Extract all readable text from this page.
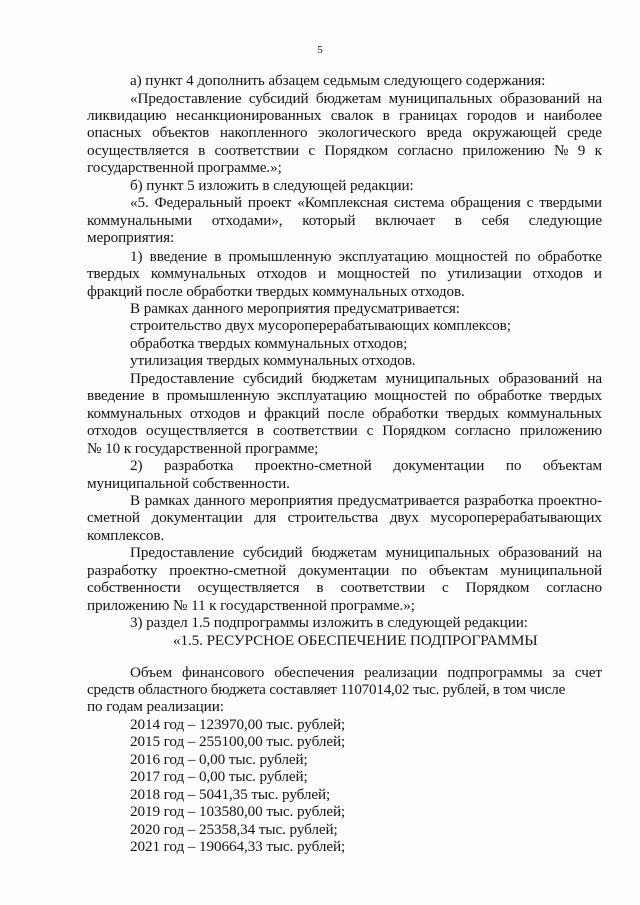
5
а) пункт 4 дополнить абзацем седьмым следующего содержания:
«Предоставление субсидий бюджетам муниципальных образований на
ликвидацию несанкционированных свалок в границах городов и наиболее
опасных объектов накопленного экологического вреда окружающей среде
осуществляется в соответствии с Порядком согласно приложению № 9 к
государственной программе.»;
б) пункт 5 изложить в следующей редакции:
«5. Федеральный проект «Комплексная система обращения с твердыми
коммунальными отходами», который включает в себя следующие
мероприятия:
1) введение в промышленную эксплуатацию мощностей по обработке
твердых коммунальных отходов и мощностей по утилизации отходов и
фракций после обработки твердых коммунальных отходов.
В рамках данного мероприятия предусматривается:
строительство двух мусороперерабатывающих комплексов;
обработка твердых коммунальных отходов;
утилизация твердых коммунальных отходов.
Предоставление субсидий бюджетам муниципальных образований на
введение в промышленную эксплуатацию мощностей по обработке твердых
коммунальных отходов и фракций после обработки твердых коммунальных
отходов осуществляется в соответствии с Порядком согласно приложению
№ 10 к государственной программе;
2) разработка проектно-сметной документации по объектам
муниципальной собственности.
В рамках данного мероприятия предусматривается разработка проектно-
сметной документации для строительства двух мусороперерабатывающих
комплексов.
Предоставление субсидий бюджетам муниципальных образований на
разработку проектно-сметной документации по объектам муниципальной
собственности осуществляется в соответствии с Порядком согласно
приложению № 11 к государственной программе.»;
3) раздел 1.5 подпрограммы изложить в следующей редакции:
«1.5. РЕСУРСНОЕ ОБЕСПЕЧЕНИЕ ПОДПРОГРАММЫ
Объем финансового обеспечения реализации подпрограммы за счет
средств областного бюджета составляет 1107014,02 тыс. рублей, в том числе
по годам реализации:
2014 год – 123970,00 тыс. рублей;
2015 год – 255100,00 тыс. рублей;
2016 год – 0,00 тыс. рублей;
2017 год – 0,00 тыс. рублей;
2018 год – 5041,35 тыс. рублей;
2019 год – 103580,00 тыс. рублей;
2020 год – 25358,34 тыс. рублей;
2021 год – 190664,33 тыс. рублей;
